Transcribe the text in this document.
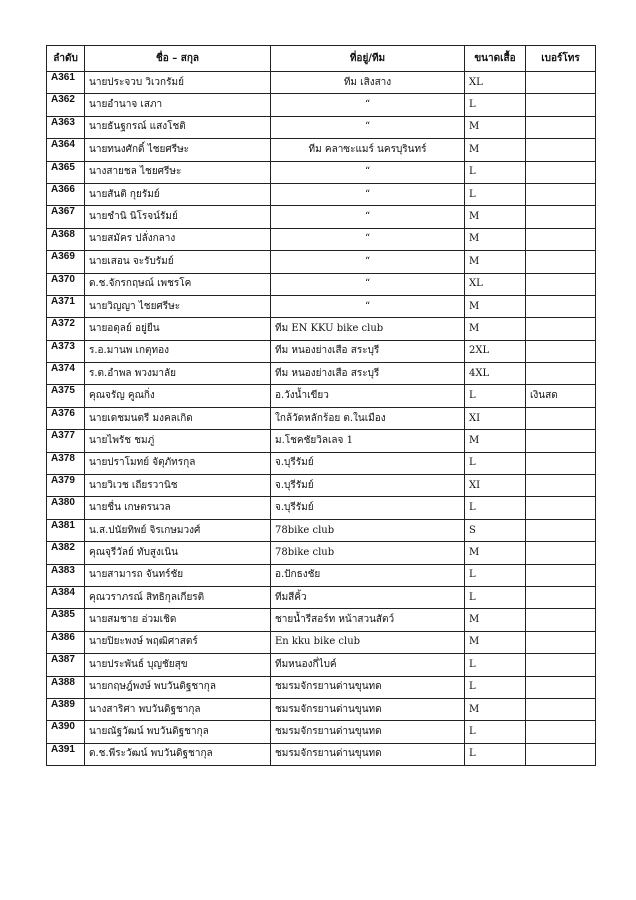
ลำดับ	ชื่อ – สกุล	ที่อยู่/ทีม	ขนาดเสื้อ	เบอร์โทร
A361	นายประจวบ วิเวกรัมย์	ทีม เสิงสาง	XL	
A362	นายอำนาจ เสภา	“	L	
A363	นายธันฐกรณ์ แสงโชติ	“	M	
A364	นายทนงศักดิ์ ไชยศรีษะ	ทีม คลาซะแมร์ นครบุรินทร์	M	
A365	นางสายชล ไชยศรีษะ	“	L	
A366	นายสันติ กุยรัมย์	“	L	
A367	นายชำนิ นิโรจน์รัมย์	“	M	
A368	นายสมัคร ปลั่งกลาง	“	M	
A369	นายเสอน จะรับรัมย์	“	M	
A370	ด.ช.จักรกฤษณ์ เพชรโค	“	XL	
A371	นายวิญญา ไชยศรีษะ	“	M	
A372	นายอดุลย์ อยู่ยืน	ทีม EN KKU bike club	M	
A373	ร.อ.มานพ เกตุทอง	ทีม หนองย่างเสือ สระบุรี	2XL	
A374	ร.ต.อำพล พวงมาลัย	ทีม หนองย่างเสือ สระบุรี	4XL	
A375	คุณจรัญ คูณกิ่ง	อ.วังน้ำเขียว	L	เงินสด
A376	นายเดชมนตรี มงคลเกิด	ใกล้วัดหลักร้อย ต.ในเมือง	XI	
A377	นายไพรัช ชมภู่	ม.โชคชัยวิลเลจ 1	M	
A378	นายปราโมทย์ จัตุภัทรกุล	จ.บุรีรัมย์	L	
A379	นายวิเวช เถียรวานิช	จ.บุรีรัมย์	XI	
A380	นายชื่น เกษตรนวล	จ.บุรีรัมย์	L	
A381	น.ส.ปนัยทิพย์ จิรเกษมวงศ์	78bike club	S	
A382	คุณจุรีวัลย์ ทับสูงเนิน	78bike club	M	
A383	นายสามารถ จันทร์ชัย	อ.ปักธงชัย	L	
A384	คุณวราภรณ์ สิทธิกุลเกียรติ	ทีมสีคิ้ว	L	
A385	นายสมชาย อ่วมเชิด	ชายน้ำรีสอร์ท หน้าสวนสัตว์	M	
A386	นายปิยะพงษ์ พฤฒิศาสตร์	En kku bike club	M	
A387	นายประพันธ์ บุญชัยสุข	ทีมหนองกี่ไบค์	L	
A388	นายกฤษฎ์พงษ์ พบวันดิฐชากุล	ชมรมจักรยานด่านขุนทด	L	
A389	นางสาริศา พบวันดิฐชากุล	ชมรมจักรยานด่านขุนทด	M	
A390	นายณัฐวัฒน์ พบวันดิฐชากุล	ชมรมจักรยานด่านขุนทด	L	
A391	ด.ช.พีระวัฒน์ พบวันดิฐชากุล	ชมรมจักรยานด่านขุนทด	L	
